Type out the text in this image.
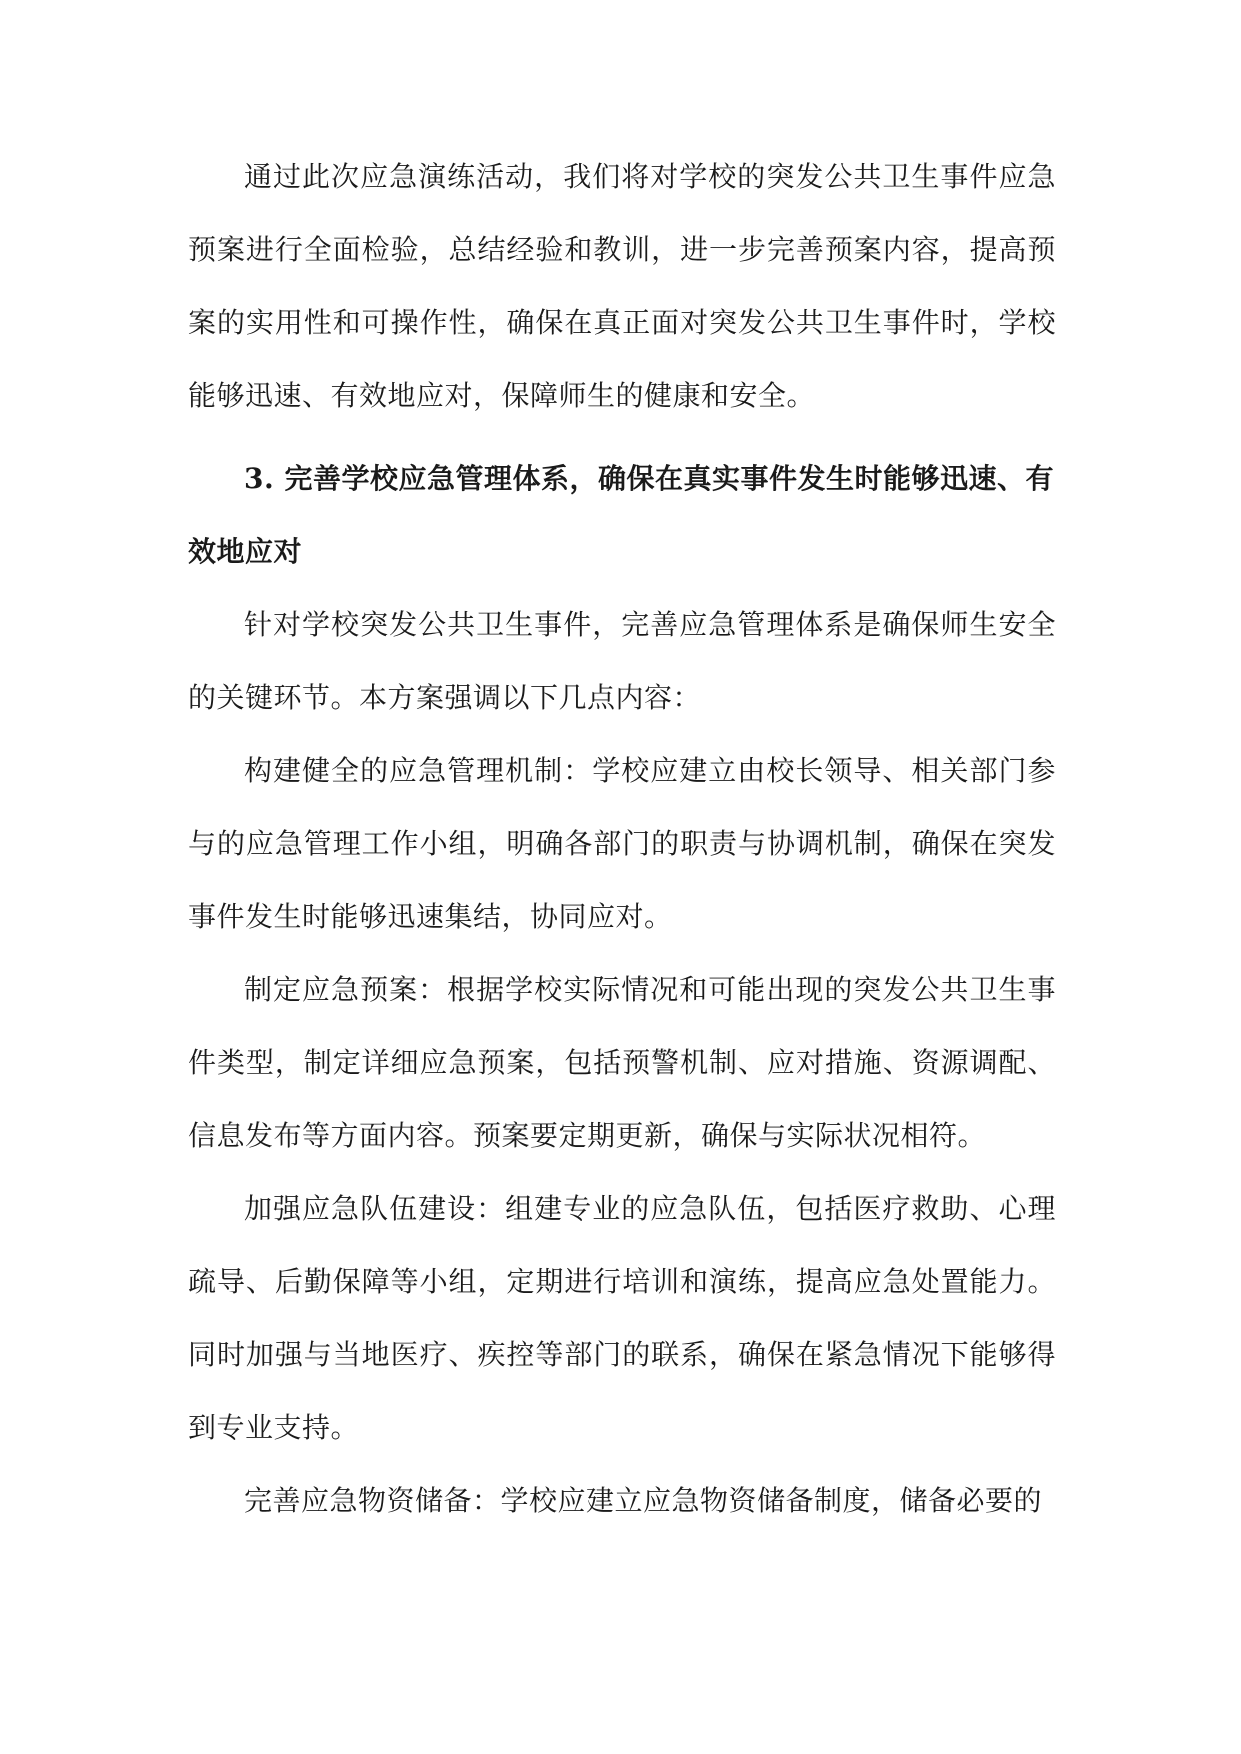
通过此次应急演练活动，我们将对学校的突发公共卫生事件应急预案进行全面检验，总结经验和教训，进一步完善预案内容，提高预案的实用性和可操作性，确保在真正面对突发公共卫生事件时，学校能够迅速、有效地应对，保障师生的健康和安全。

3. 完善学校应急管理体系，确保在真实事件发生时能够迅速、有效地应对

针对学校突发公共卫生事件，完善应急管理体系是确保师生安全的关键环节。本方案强调以下几点内容：

构建健全的应急管理机制：学校应建立由校长领导、相关部门参与的应急管理工作小组，明确各部门的职责与协调机制，确保在突发事件发生时能够迅速集结，协同应对。

制定应急预案：根据学校实际情况和可能出现的突发公共卫生事件类型，制定详细应急预案，包括预警机制、应对措施、资源调配、信息发布等方面内容。预案要定期更新，确保与实际状况相符。

加强应急队伍建设：组建专业的应急队伍，包括医疗救助、心理疏导、后勤保障等小组，定期进行培训和演练，提高应急处置能力。同时加强与当地医疗、疾控等部门的联系，确保在紧急情况下能够得到专业支持。

完善应急物资储备：学校应建立应急物资储备制度，储备必要的
